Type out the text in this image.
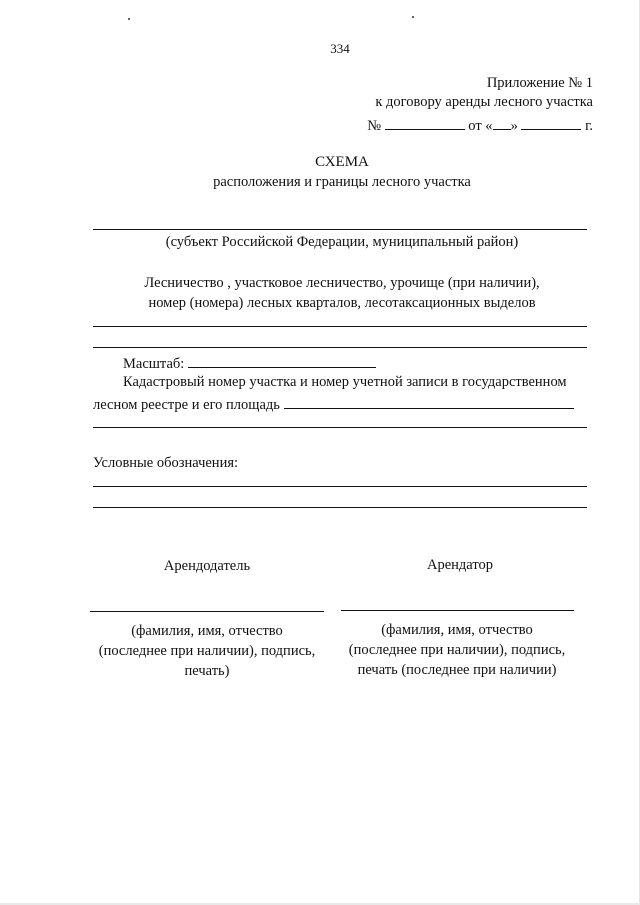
334
Приложение № 1
к договору аренды лесного участка
№	от « »	г.
СХЕМА
расположения и границы лесного участка
(субъект Российской Федерации, муниципальный район)
Лесничество , участковое лесничество, урочище (при наличии),
номер (номера) лесных кварталов, лесотаксационных выделов
Масштаб:
Кадастровый номер участка и номер учетной записи в государственном
лесном реестре и его площадь
Условные обозначения:
Арендодатель	Арендатор
(фамилия, имя, отчество
(последнее при наличии), подпись,
печать)
(фамилия, имя, отчество
(последнее при наличии), подпись,
печать (последнее при наличии)
